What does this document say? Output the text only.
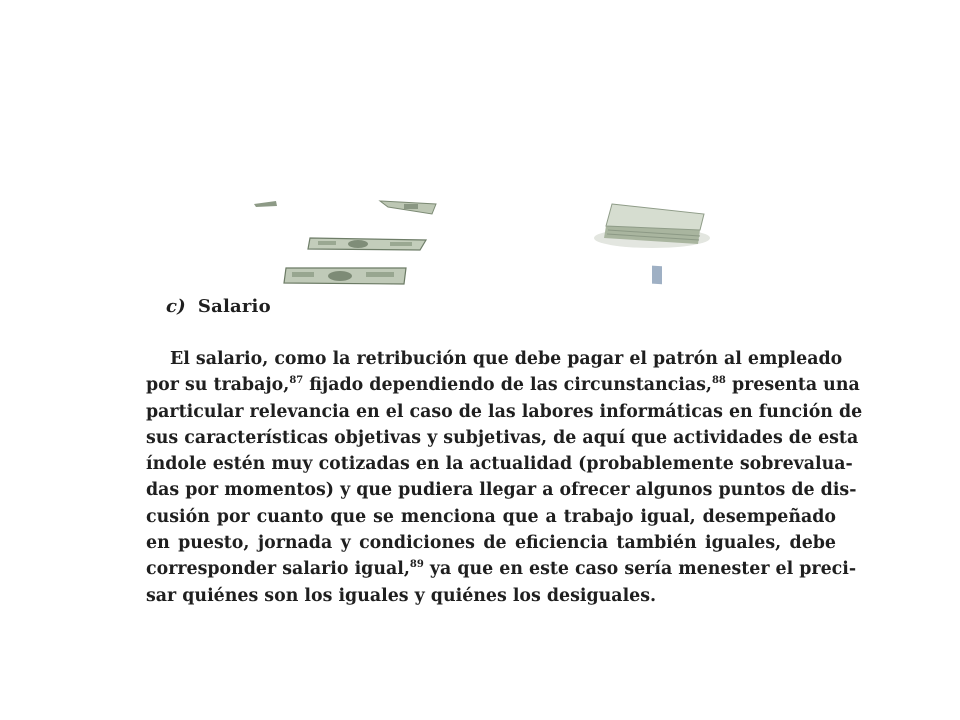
c) Salario
El salario, como la retribución que debe pagar el patrón al empleado
por su trabajo,$^{87}$ fijado dependiendo de las circunstancias,$^{88}$ presenta una
particular relevancia en el caso de las labores informáticas en función de
sus características objetivas y subjetivas, de aquí que actividades de esta
índole estén muy cotizadas en la actualidad (probablemente sobrevalua-
das por momentos) y que pudiera llegar a ofrecer algunos puntos de dis-
cusión por cuanto que se menciona que a trabajo igual, desempeñado
en puesto, jornada y condiciones de eficiencia también iguales, debe
corresponder salario igual,$^{89}$ ya que en este caso sería menester el preci-
sar quiénes son los iguales y quiénes los desiguales.
